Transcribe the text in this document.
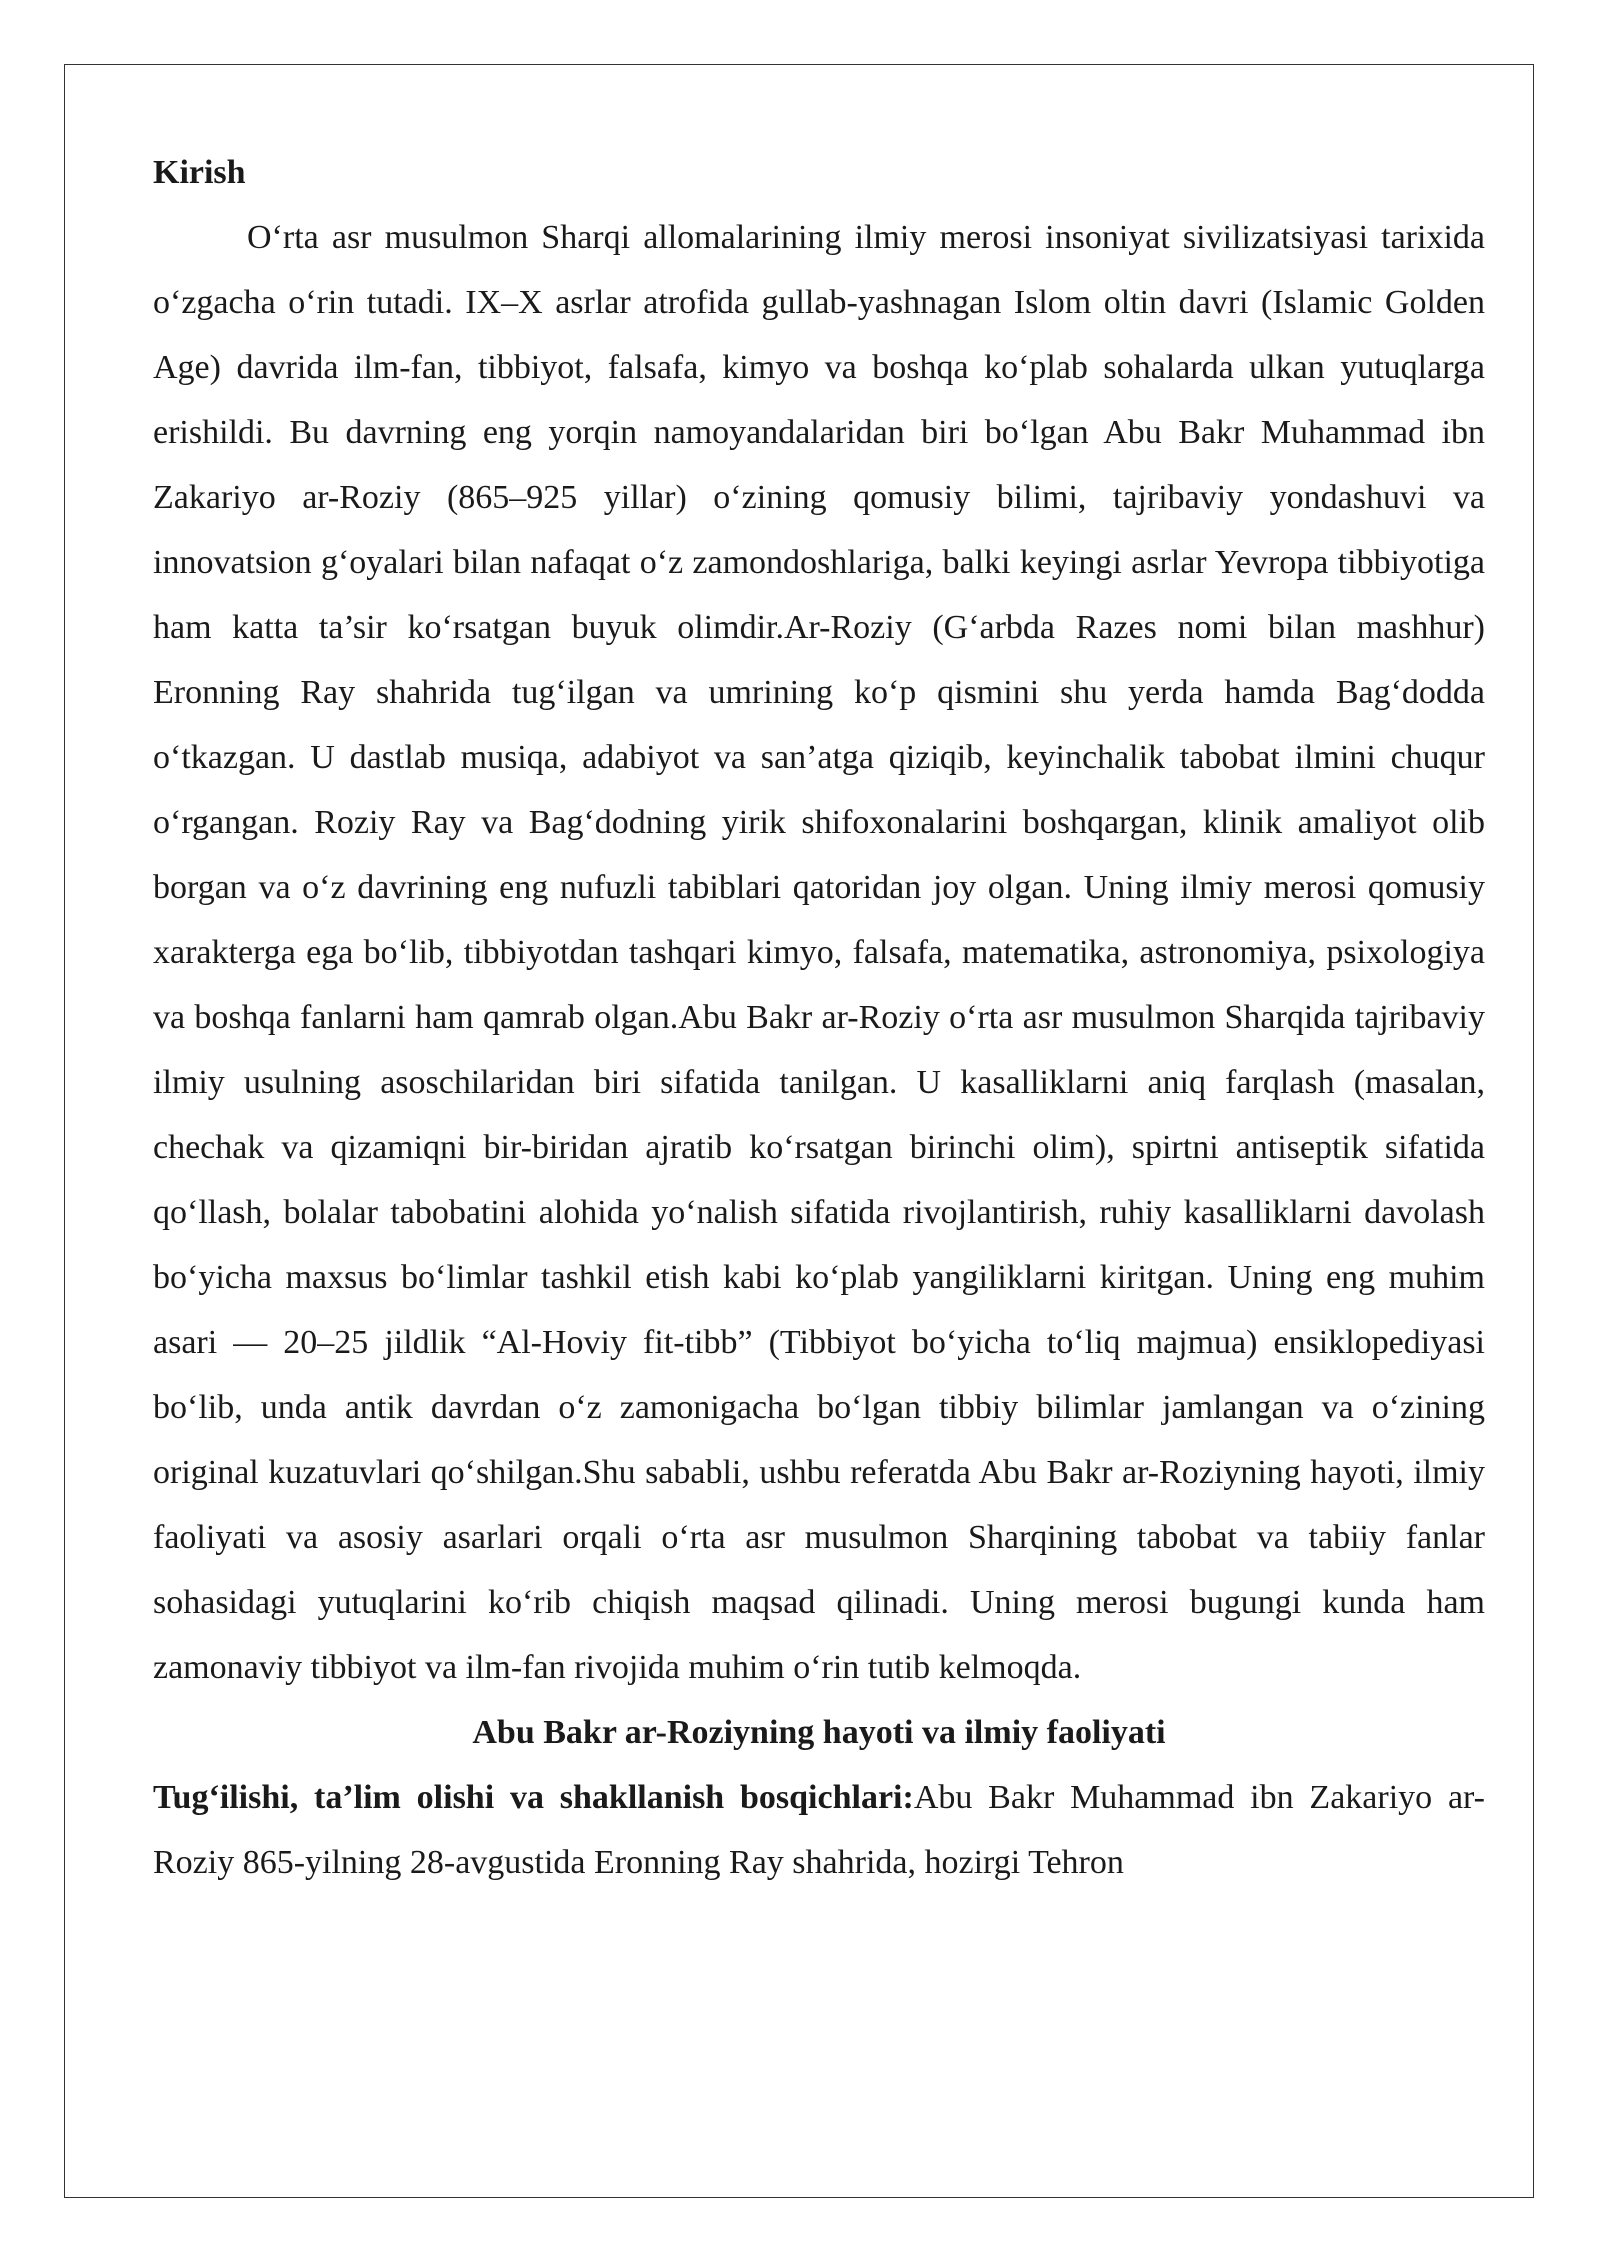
Kirish

O‘rta asr musulmon Sharqi allomalarining ilmiy merosi insoniyat sivilizatsiyasi tarixida o‘zgacha o‘rin tutadi. IX–X asrlar atrofida gullab-yashnagan Islom oltin davri (Islamic Golden Age) davrida ilm-fan, tibbiyot, falsafa, kimyo va boshqa ko‘plab sohalarda ulkan yutuqlarga erishildi. Bu davrning eng yorqin namoyandalaridan biri bo‘lgan Abu Bakr Muhammad ibn Zakariyo ar-Roziy (865–925 yillar) o‘zining qomusiy bilimi, tajribaviy yondashuvi va innovatsion g‘oyalari bilan nafaqat o‘z zamondoshlariga, balki keyingi asrlar Yevropa tibbiyotiga ham katta ta’sir ko‘rsatgan buyuk olimdir.Ar-Roziy (G‘arbda Razes nomi bilan mashhur) Eronning Ray shahrida tug‘ilgan va umrining ko‘p qismini shu yerda hamda Bag‘dodda o‘tkazgan. U dastlab musiqa, adabiyot va san’atga qiziqib, keyinchalik tabobat ilmini chuqur o‘rgangan. Roziy Ray va Bag‘dodning yirik shifoxonalarini boshqargan, klinik amaliyot olib borgan va o‘z davrining eng nufuzli tabiblari qatoridan joy olgan. Uning ilmiy merosi qomusiy xarakterga ega bo‘lib, tibbiyotdan tashqari kimyo, falsafa, matematika, astronomiya, psixologiya va boshqa fanlarni ham qamrab olgan.Abu Bakr ar-Roziy o‘rta asr musulmon Sharqida tajribaviy ilmiy usulning asoschilaridan biri sifatida tanilgan. U kasalliklarni aniq farqlash (masalan, chechak va qizamiqni bir-biridan ajratib ko‘rsatgan birinchi olim), spirtni antiseptik sifatida qo‘llash, bolalar tabobatini alohida yo‘nalish sifatida rivojlantirish, ruhiy kasalliklarni davolash bo‘yicha maxsus bo‘limlar tashkil etish kabi ko‘plab yangiliklarni kiritgan. Uning eng muhim asari — 20–25 jildlik “Al-Hoviy fit-tibb” (Tibbiyot bo‘yicha to‘liq majmua) ensiklopediyasi bo‘lib, unda antik davrdan o‘z zamonigacha bo‘lgan tibbiy bilimlar jamlangan va o‘zining original kuzatuvlari qo‘shilgan.Shu sababli, ushbu referatda Abu Bakr ar-Roziyning hayoti, ilmiy faoliyati va asosiy asarlari orqali o‘rta asr musulmon Sharqining tabobat va tabiiy fanlar sohasidagi yutuqlarini ko‘rib chiqish maqsad qilinadi. Uning merosi bugungi kunda ham zamonaviy tibbiyot va ilm-fan rivojida muhim o‘rin tutib kelmoqda.

Abu Bakr ar-Roziyning hayoti va ilmiy faoliyati

Tug‘ilishi, ta’lim olishi va shakllanish bosqichlari:Abu Bakr Muhammad ibn Zakariyo ar-Roziy 865-yilning 28-avgustida Eronning Ray shahrida, hozirgi Tehron
